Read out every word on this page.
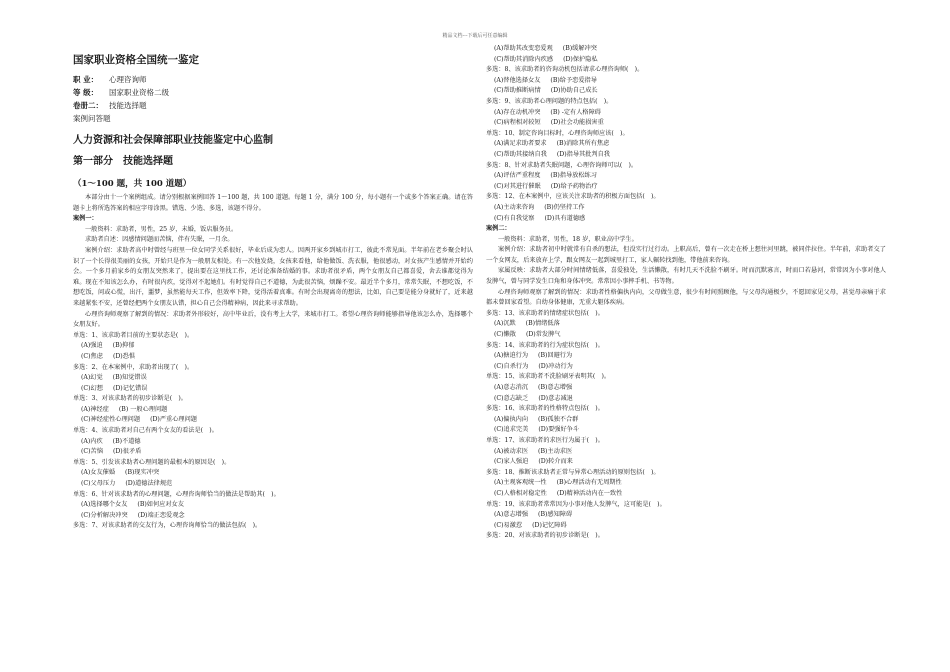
精品文档---下载后可任意编辑
国家职业资格全国统一鉴定
职 业： 心理咨询师
等 级： 国家职业资格二级
卷册二： 技能选择题
案例问答题
人力资源和社会保障部职业技能鉴定中心监制
第一部分　技能选择题
（1～100 题，共 100 道题）

本部分由十一个案例组成。请分别根据案例回答 1～100 题，共 100 道题。每题 1 分，满分 100 分，每小题有一个或多个答案正确。请在答题卡上将所选答案的相应字母涂黑。错选、少选、多选，该题不得分。

案例一：

一般资料：求助者，男性，25 岁，未婚，饭店服务员。

求助者自述：因感情问题而苦恼，伴有失眠，一月余。

案例介绍：求助者高中时曾经与班里一位女同学关系很好，毕业后成为恋人。因两开家乡到城市打工，彼此不常见面。半年前在老乡聚会时认识了一个长得很美丽的女孩，开始只是作为一般朋友相处。有一次他发烧，女孩来看他，给他做饭、洗衣服，他很感动，对女孩产生感情并开始约会。一个多月前家乡的女朋友突然来了，提出要在这里找工作，还讨论准备结婚的事。求助者很矛盾，两个女朋友自己都喜爱，舍去谁都觉得为难。现在不知该怎么办，有时很内疚，觉得对不起她们。有时觉得自己不道德，为此很苦恼，烦躁不安。最近半个多月，常常失眠，不想吃饭，不想吃饭，问或心慌，出汗，噩梦，虽然能每天工作，但效率下降，觉得活着真难。有时会出现离奇的想法，比如，自己要是能分身就好了，近来越来越紧张不安，还曾经把两个女朋友认错，担心自己会得精神病，因此来寻求帮助。

心理咨询师观察了解到的情况：求助者外形较好，高中毕业后，没有考上大学，来城市打工。希望心理咨询师能够指导他该怎么办，选择哪个女朋友好。

单选：1、该求助者目前的主要状态是(　)。

(A)强迫 (B)抑郁
(C)焦虑 (D)恐惧

多选：2、在本案例中，求助者出现了(　)。

(A)幻觉 (B)知觉错误
(C)幻想 (D)记忆错误

单选：3、对该求助者的初步诊断是(　)。

(A)神经症 (B) 一般心理问题
(C)神经症性心理问题 (D)严重心理问题

单选：4、该求助者对自己有两个女友的看法是(　)。

(A)内疚 (B)不道德
(C)苦恼 (D)很矛盾

单选：5、引发该求助者心理问题的最根本的原因是(　)。

(A)女友催婚 (B)现实冲突
(C)父母压力 (D)道德法律规范

单选：6、针对该求助者的心理问题，心理咨询师恰当的做法是帮助其(　)。

(A)选择哪个女友 (B)如何应对女友
(C)分析解决冲突 (D)端正恋爱观念

多选：7、对该求助者的交友行为，心理咨询师恰当的做法包括(　)。

(A)帮助其改变恋爱观 (B)缓解冲突
(C)帮助其消除内疚感 (D)保护隐私

多选：8、该求助者的咨询动机包括请求心理咨询师(　)。

(A)替他选择女友 (B)给予恋爱指导
(C)帮助推断病情 (D)协助自己成长

多选：9、该求助者心理问题的特点包括(　)。

(A)存在动机冲突 (B) -定有人格障碍
(C)病程相对较短 (D)社会功能损害重

单选：10、制定咨询目标时，心理咨询师应该(　)。

(A)满足求助者要求 (B)消除其所有焦虑
(C)帮助其接纳自我 (D)指导其批判自我

多选：8、针对求助者失眠问题，心理咨询师可以(　)。

(A)评估严重程度 (B)指导放松练习
(C)对其进行催眠 (D)给予药物治疗

多选：12、在本案例中，应该关注求助者的积极方面包括(　)。

(A)主动来咨询 (B)仍坚持工作
(C)有自我觉察 (D)具有道德感

案例二：

一般资料：求助者，男性，18 岁，职业高中学生。

案例介绍：求助者初中时就常有自杀的想法，但没实行过行动。上职高后，曾有一次走在桥上想往河里跳，被同伴拉住。半年前，求助者交了一个女网友，后来放弃上学，跟女网友一起到城里打工，家人辗转找到他，带他前来咨询。

家属反映：求助者大部分时间情绪低落，喜爱独处，生活懒散，有时几天不洗脸不刷牙。时而沉默寡言，时而口若悬河，常常因为小事对他人发脾气，曾与同学发生口角和身体冲突。常常因小事摔手机、书等物。

心理咨询师观察了解到的情况：求助者性格偏执内向，父母做生意，很少有时间照顾他，与父母沟通极少，不愿回家见父母，甚觉母亲痛于求都未曾回家看望。自幼身体健康，无重大躯体疾病。

多选：13、该求助者的情绪症状包括(　)。

(A)沉默 (B)情绪低落
(C)懒散 (D)常发脾气

多选：14、该求助者的行为症状包括(　)。

(A)搪迫行为 (B)回避行为
(C)自杀行为 (D)冲动行为

单选：15、该求助者不洗脸刷牙表明其(　)。

(A)意志消沉 (B)意志增强
(C)意志缺乏 (D)意志减退

多选：16、该求助者的性格特点包括(　)。

(A)偏执内向 (B)孤独不合群
(C)追求完美 (D)要强好争斗

单选：17、该求助者的求医行为属于(　)。

(A)被动求医 (B)主动求医
(C)家人强迫 (D)转介而来

多选：18、推断该求助者正常与异常心理活动的原则包括(　)。

(A)主观客观统一性 (B)心理活动有无周期性
(C)人格相对稳定性 (D)精神活动内在一致性

单选：19、该求助者常常因为小事对他人发脾气，这可能是(　)。

(A)意志增强 (B)感知障碍
(C)易激惹 (D)记忆障碍

多选：20、对该求助者的初步诊断是(　)。
